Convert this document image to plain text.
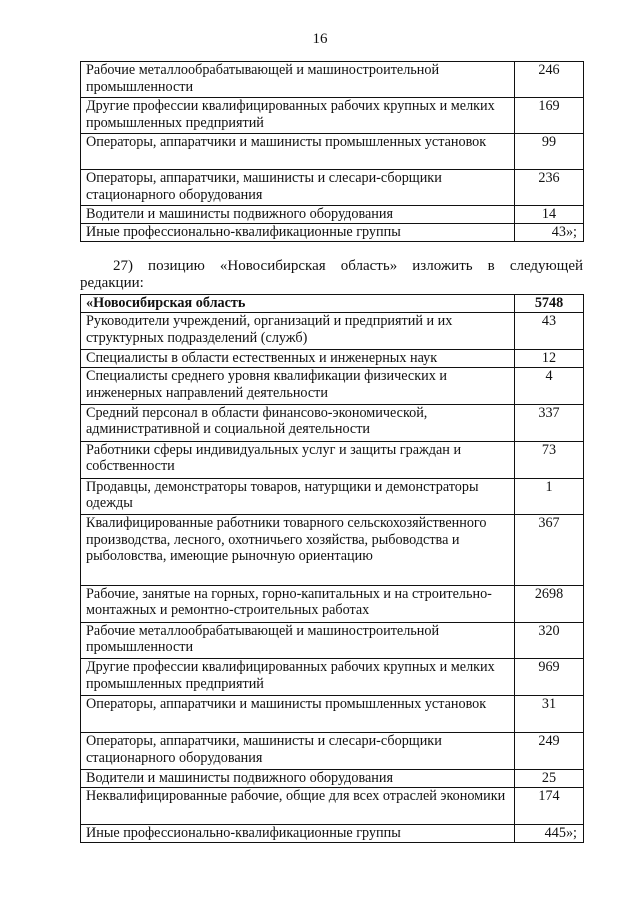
16
Рабочие металлообрабатывающей и машиностроительной промышленности	246
Другие профессии квалифицированных рабочих крупных и мелких промышленных предприятий	169
Операторы, аппаратчики и машинисты промышленных установок	99
Операторы, аппаратчики, машинисты и слесари-сборщики стационарного оборудования	236
Водители и машинисты подвижного оборудования	14
Иные профессионально-квалификационные группы	43»;
27) позицию «Новосибирская область» изложить в следующей
редакции:
«Новосибирская область	5748
Руководители учреждений, организаций и предприятий и их структурных подразделений (служб)	43
Специалисты в области естественных и инженерных наук	12
Специалисты среднего уровня квалификации физических и инженерных направлений деятельности	4
Средний персонал в области финансово-экономической, административной и социальной деятельности	337
Работники сферы индивидуальных услуг и защиты граждан и собственности	73
Продавцы, демонстраторы товаров, натурщики и демонстраторы одежды	1
Квалифицированные работники товарного сельскохозяйственного производства, лесного, охотничьего хозяйства, рыбоводства и рыболовства, имеющие рыночную ориентацию	367
Рабочие, занятые на горных, горно-капитальных и на строительно-монтажных и ремонтно-строительных работах	2698
Рабочие металлообрабатывающей и машиностроительной промышленности	320
Другие профессии квалифицированных рабочих крупных и мелких промышленных предприятий	969
Операторы, аппаратчики и машинисты промышленных установок	31
Операторы, аппаратчики, машинисты и слесари-сборщики стационарного оборудования	249
Водители и машинисты подвижного оборудования	25
Неквалифицированные рабочие, общие для всех отраслей экономики	174
Иные профессионально-квалификационные группы	445»;
